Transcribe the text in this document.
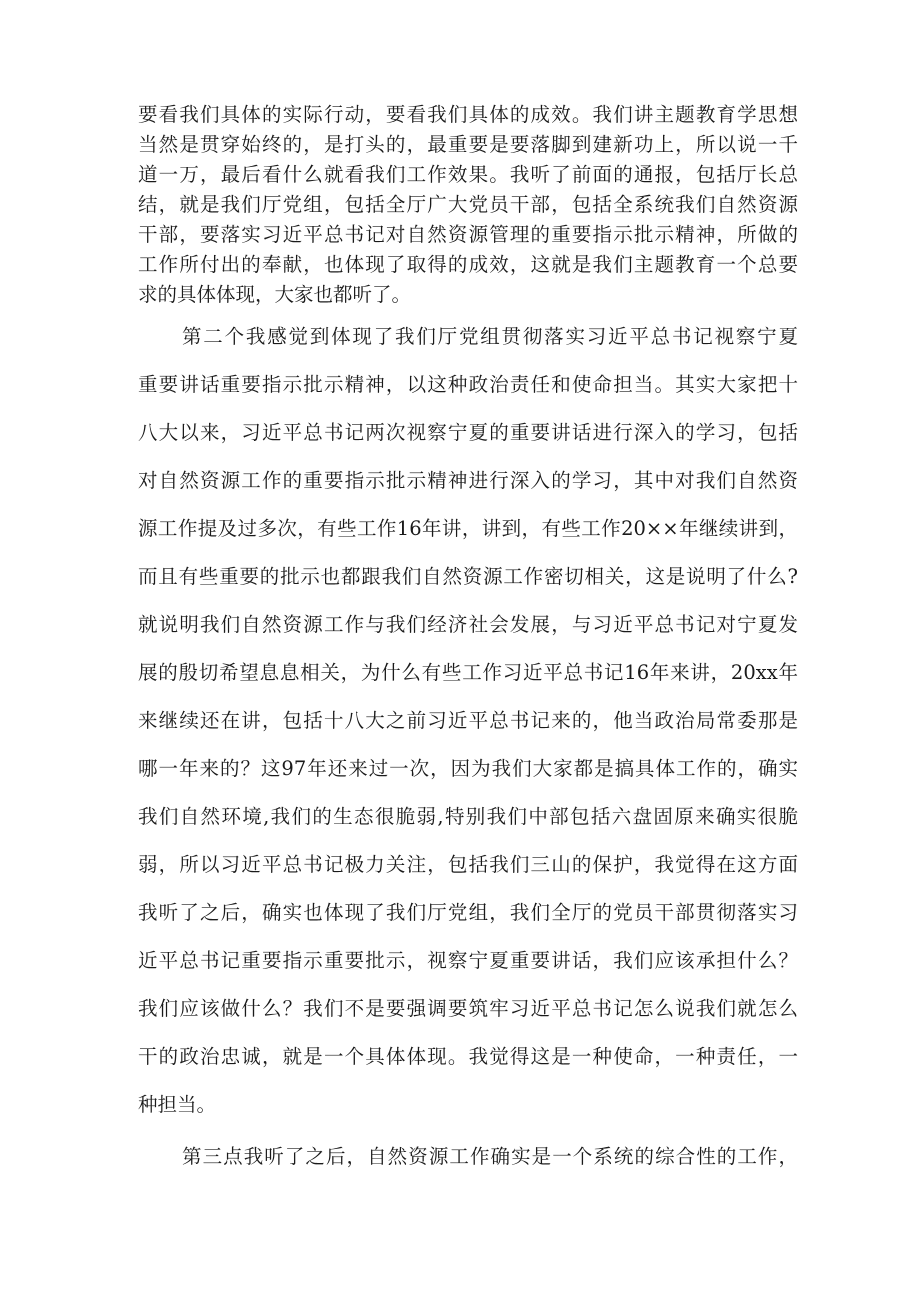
要看我们具体的实际行动，要看我们具体的成效。我们讲主题教育学思想
当然是贯穿始终的，是打头的，最重要是要落脚到建新功上，所以说一千
道一万，最后看什么就看我们工作效果。我听了前面的通报，包括厅长总
结，就是我们厅党组，包括全厅广大党员干部，包括全系统我们自然资源
干部，要落实习近平总书记对自然资源管理的重要指示批示精神，所做的
工作所付出的奉献，也体现了取得的成效，这就是我们主题教育一个总要
求的具体体现，大家也都听了。
第二个我感觉到体现了我们厅党组贯彻落实习近平总书记视察宁夏
重要讲话重要指示批示精神，以这种政治责任和使命担当。其实大家把十
八大以来，习近平总书记两次视察宁夏的重要讲话进行深入的学习，包括
对自然资源工作的重要指示批示精神进行深入的学习，其中对我们自然资
源工作提及过多次，有些工作16年讲，讲到，有些工作20××年继续讲到，
而且有些重要的批示也都跟我们自然资源工作密切相关，这是说明了什么?
就说明我们自然资源工作与我们经济社会发展，与习近平总书记对宁夏发
展的殷切希望息息相关，为什么有些工作习近平总书记16年来讲，20xx年
来继续还在讲，包括十八大之前习近平总书记来的，他当政治局常委那是
哪一年来的？这97年还来过一次，因为我们大家都是搞具体工作的，确实
我们自然环境,我们的生态很脆弱,特别我们中部包括六盘固原来确实很脆
弱，所以习近平总书记极力关注，包括我们三山的保护，我觉得在这方面
我听了之后，确实也体现了我们厅党组，我们全厅的党员干部贯彻落实习
近平总书记重要指示重要批示，视察宁夏重要讲话，我们应该承担什么？
我们应该做什么？我们不是要强调要筑牢习近平总书记怎么说我们就怎么
干的政治忠诚，就是一个具体体现。我觉得这是一种使命，一种责任，一
种担当。
第三点我听了之后，自然资源工作确实是一个系统的综合性的工作，
